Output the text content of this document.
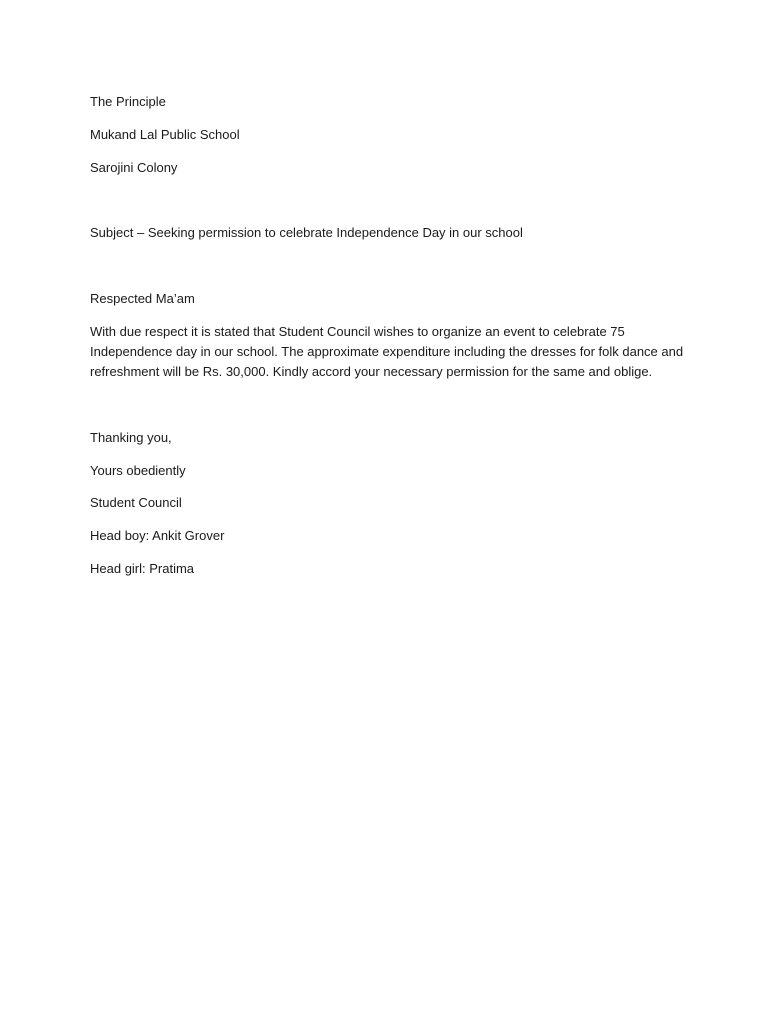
The Principle

Mukand Lal Public School

Sarojini Colony

Subject – Seeking permission to celebrate Independence Day in our school

Respected Ma’am

With due respect it is stated that Student Council wishes to organize an event to celebrate 75
Independence day in our school. The approximate expenditure including the dresses for folk dance and
refreshment will be Rs. 30,000. Kindly accord your necessary permission for the same and oblige.

Thanking you,

Yours obediently

Student Council

Head boy: Ankit Grover

Head girl: Pratima
